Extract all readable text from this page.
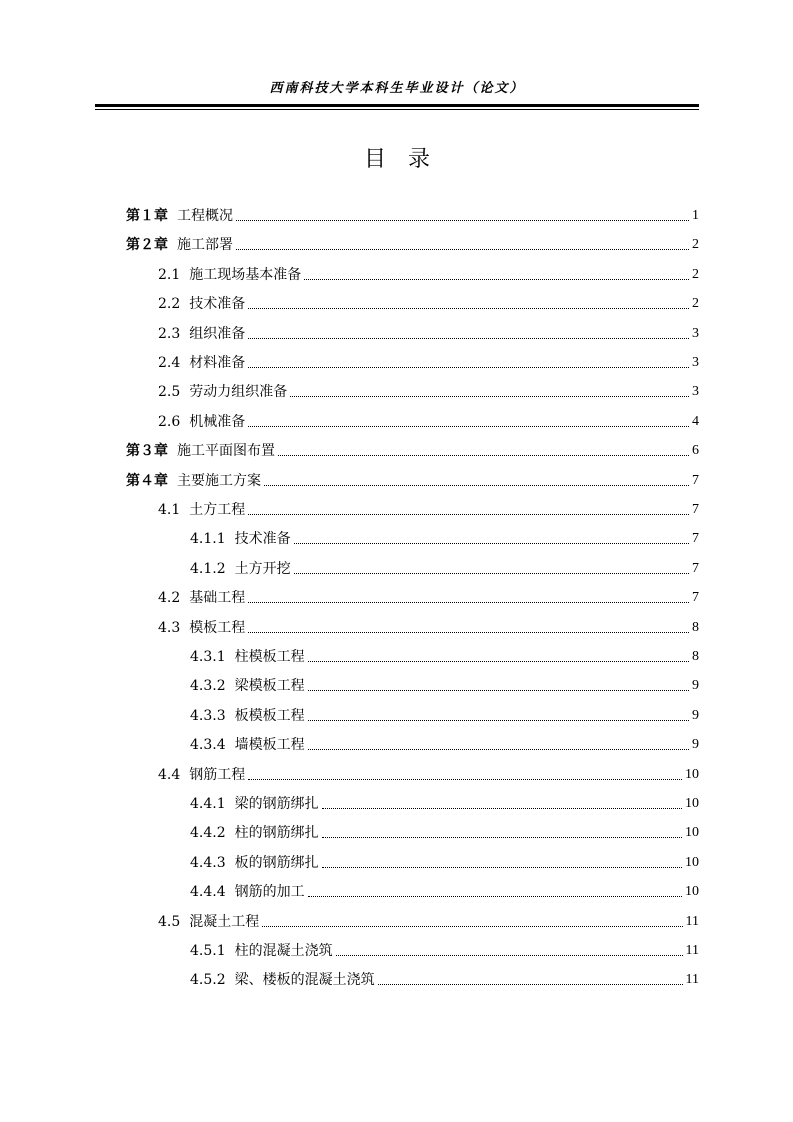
西南科技大学本科生毕业设计（论文）
目录
第１章 工程概况	1
第２章 施工部署	2
2.1 施工现场基本准备	2
2.2 技术准备	2
2.3 组织准备	3
2.4 材料准备	3
2.5 劳动力组织准备	3
2.6 机械准备	4
第３章 施工平面图布置	6
第４章 主要施工方案	7
4.1 土方工程	7
4.1.1 技术准备	7
4.1.2 土方开挖	7
4.2 基础工程	7
4.3 模板工程	8
4.3.1 柱模板工程	8
4.3.2 梁模板工程	9
4.3.3 板模板工程	9
4.3.4 墙模板工程	9
4.4 钢筋工程	10
4.4.1 梁的钢筋绑扎	10
4.4.2 柱的钢筋绑扎	10
4.4.3 板的钢筋绑扎	10
4.4.4 钢筋的加工	10
4.5 混凝土工程	11
4.5.1 柱的混凝土浇筑	11
4.5.2 梁、楼板的混凝土浇筑	11
